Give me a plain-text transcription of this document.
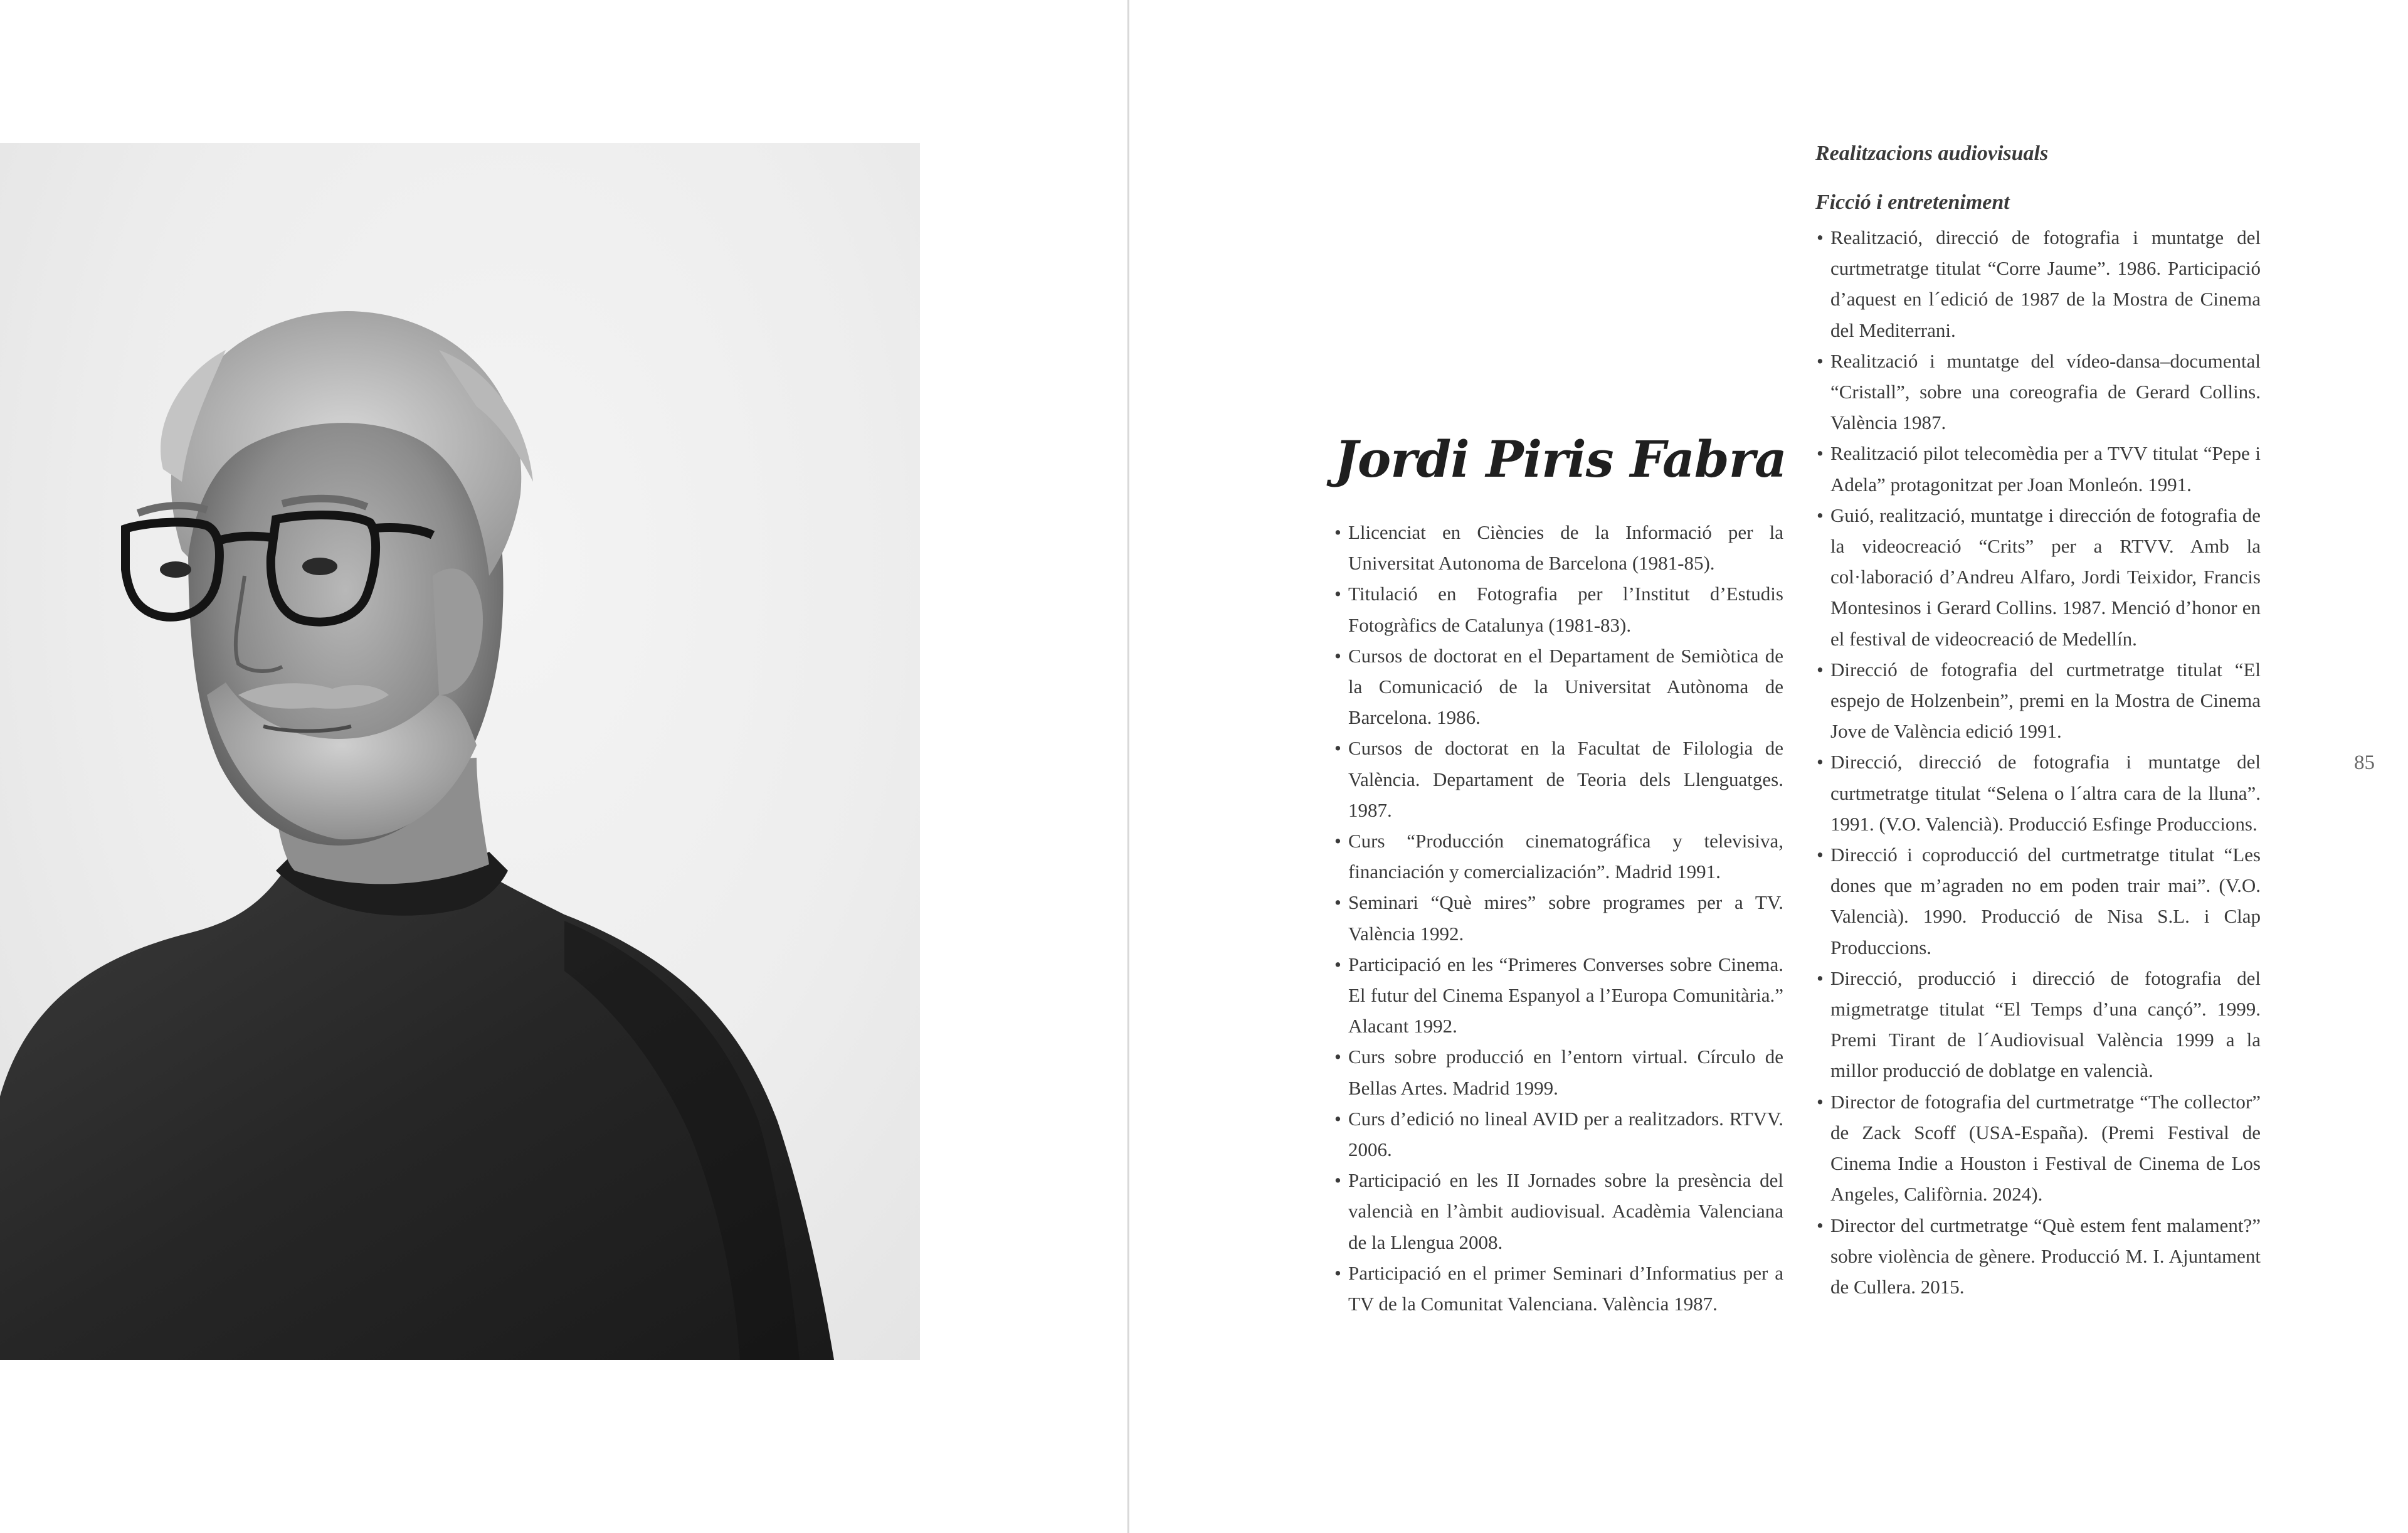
Jordi Piris Fabra
• Llicenciat en Ciències de la Informació per la Universitat Autonoma de Barcelona (1981-85).
• Titulació en Fotografia per l’Institut d’Estudis Fotogràfics de Catalunya (1981-83).
• Cursos de doctorat en el Departament de Semiòtica de la Comunicació de la Universitat Autònoma de Barcelona. 1986.
• Cursos de doctorat en la Facultat de Filologia de València. Departament de Teoria dels Llenguatges. 1987.
• Curs “Producción cinematográfica y televisiva, financiación y comercialización”. Madrid 1991.
• Seminari “Què mires” sobre programes per a TV. València 1992.
• Participació en les “Primeres Converses sobre Cinema. El futur del Cinema Espanyol a l’Europa Comunitària.” Alacant 1992.
• Curs sobre producció en l’entorn virtual. Círculo de Bellas Artes. Madrid 1999.
• Curs d’edició no lineal AVID per a realitzadors. RTVV. 2006.
• Participació en les II Jornades sobre la presència del valencià en l’àmbit audiovisual. Acadèmia Valenciana de la Llengua 2008.
• Participació en el primer Seminari d’Informatius per a TV de la Comunitat Valenciana. València 1987.
Realitzacions audiovisuals
Ficció i entreteniment
• Realització, direcció de fotografia i muntatge del curtmetratge titulat “Corre Jaume”. 1986. Participació d’aquest en l´edició de 1987 de la Mostra de Cinema del Mediterrani.
• Realització i muntatge del vídeo-dansa–documental “Cristall”, sobre una coreografia de Gerard Collins. València 1987.
• Realització pilot telecomèdia per a TVV titulat “Pepe i Adela” protagonitzat per Joan Monleón. 1991.
• Guió, realització, muntatge i dirección de fotografia de la videocreació “Crits” per a RTVV. Amb la col·laboració d’Andreu Alfaro, Jordi Teixidor, Francis Montesinos i Gerard Collins. 1987. Menció d’honor en el festival de videocreació de Medellín.
• Direcció de fotografia del curtmetratge titulat “El espejo de Holzenbein”, premi en la Mostra de Cinema Jove de València edició 1991.
• Direcció, direcció de fotografia i muntatge del curtmetratge titulat “Selena o l´altra cara de la lluna”. 1991. (V.O. Valencià). Producció Esfinge Produccions.
• Direcció i coproducció del curtmetratge titulat “Les dones que m’agraden no em poden trair mai”. (V.O. Valencià). 1990. Producció de Nisa S.L. i Clap Produccions.
• Direcció, producció i direcció de fotografia del migmetratge titulat “El Temps d’una cançó”. 1999. Premi Tirant de l´Audiovisual València 1999 a la millor producció de doblatge en valencià.
• Director de fotografia del curtmetratge “The collector” de Zack Scoff (USA-España). (Premi Festival de Cinema Indie a Houston i Festival de Cinema de Los Angeles, Califòrnia. 2024).
• Director del curtmetratge “Què estem fent malament?” sobre violència de gènere. Producció M. I. Ajuntament de Cullera. 2015.
85
